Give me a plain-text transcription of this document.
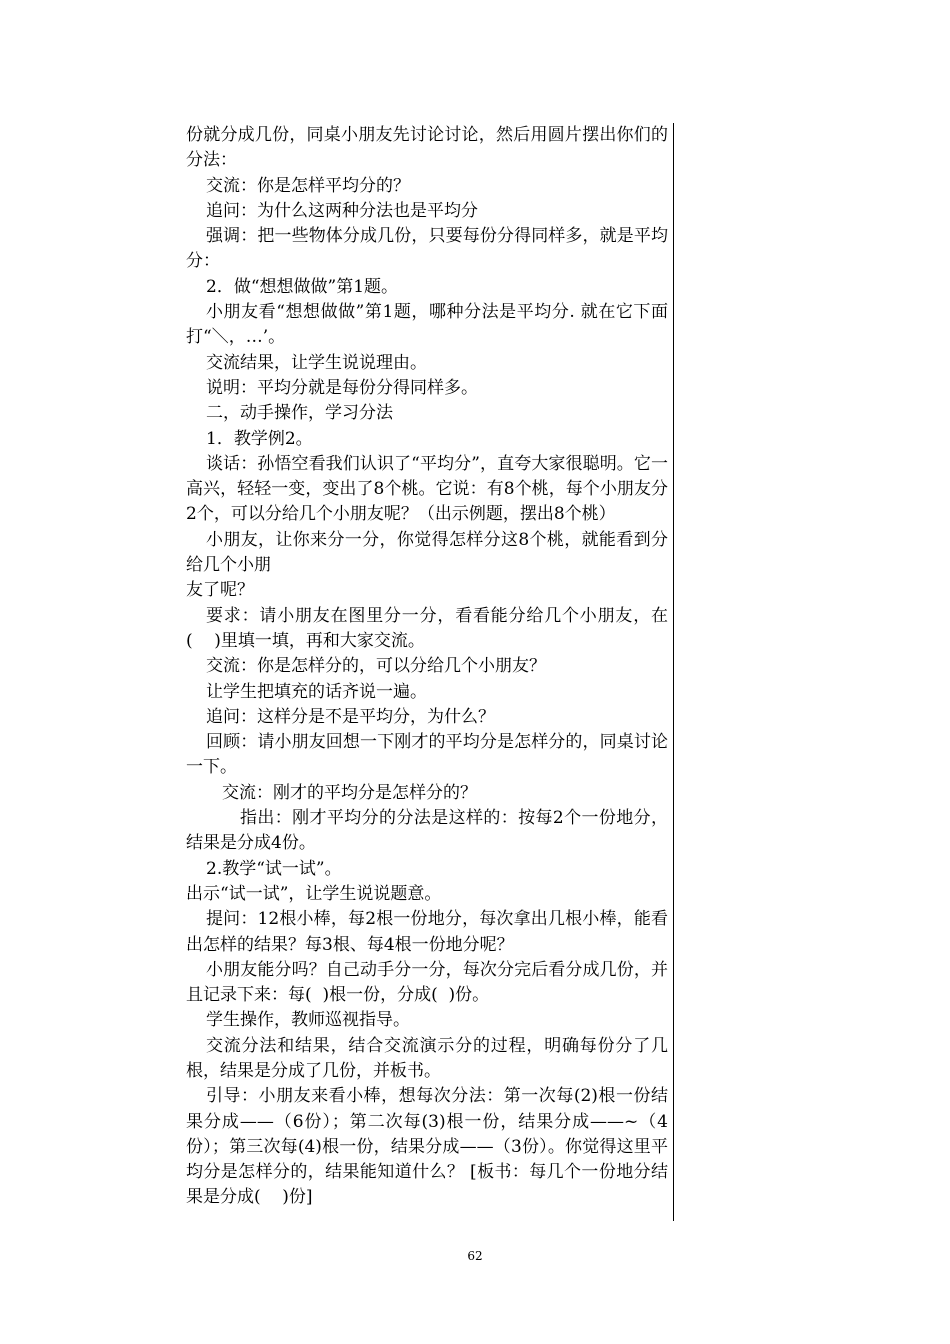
份就分成几份，同桌小朋友先讨论讨论，然后用圆片摆出你们的分法：

交流：你是怎样平均分的？

追问：为什么这两种分法也是平均分

强调：把一些物体分成几份，只要每份分得同样多，就是平均分：

2．做“想想做做”第1题。

小朋友看“想想做做”第1题，哪种分法是平均分. 就在它下面打“＼，…’。

交流结果，让学生说说理由。

说明：平均分就是每份分得同样多。

二，动手操作，学习分法

1．教学例2。

谈话：孙悟空看我们认识了“平均分”，直夸大家很聪明。它一高兴，轻轻一变，变出了8个桃。它说：有8个桃，每个小朋友分2个，可以分给几个小朋友呢？（出示例题，摆出8个桃）

小朋友，让你来分一分，你觉得怎样分这8个桃，就能看到分给几个小朋

友了呢？

要求：请小朋友在图里分一分，看看能分给几个小朋友，在(    )里填一填，再和大家交流。

交流：你是怎样分的，可以分给几个小朋友？

让学生把填充的话齐说一遍。

追问：这样分是不是平均分，为什么？

回顾：请小朋友回想一下刚才的平均分是怎样分的，同桌讨论一下。

交流：刚才的平均分是怎样分的？

指出：刚才平均分的分法是这样的：按每2个一份地分，结果是分成4份。

2.教学“试一试”。

出示“试一试”，让学生说说题意。

提问：12根小棒，每2根一份地分，每次拿出几根小棒，能看出怎样的结果？每3根、每4根一份地分呢？

小朋友能分吗？自己动手分一分，每次分完后看分成几份，并且记录下来：每(  )根一份，分成(  )份。

学生操作，教师巡视指导。

交流分法和结果，结合交流演示分的过程，明确每份分了几根，结果是分成了几份，并板书。

引导：小朋友来看小棒，想每次分法：第一次每(2)根一份结果分成——（6份）；第二次每(3)根一份，结果分成——~（4份）；第三次每(4)根一份，结果分成——（3份）。你觉得这里平均分是怎样分的，结果能知道什么？ [板书：每几个一份地分结果是分成(    )份]

62
